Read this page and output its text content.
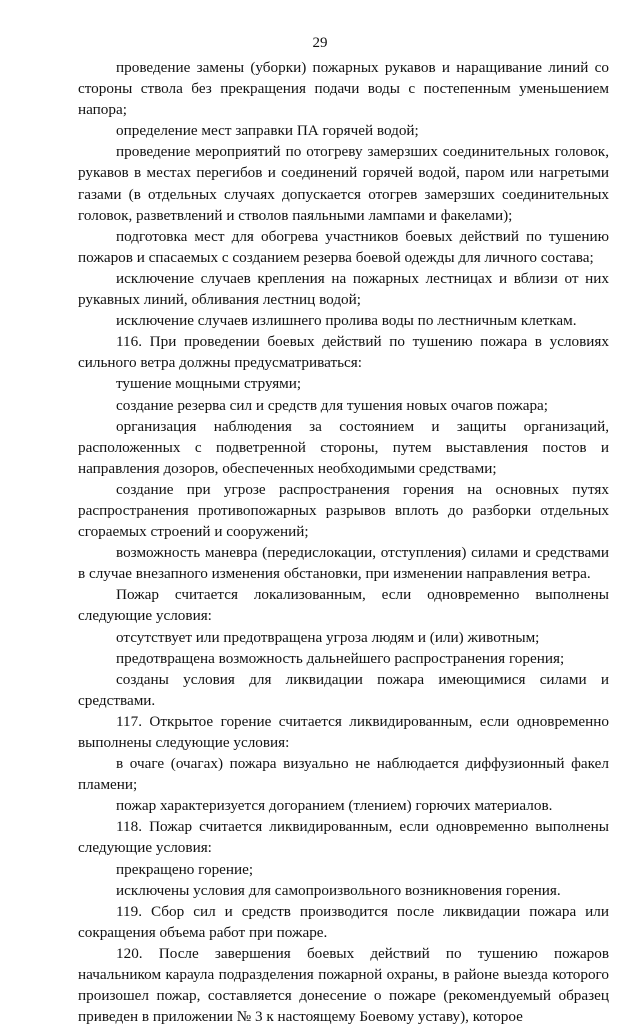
29

проведение замены (уборки) пожарных рукавов и наращивание линий со стороны ствола без прекращения подачи воды с постепенным уменьшением напора;

определение мест заправки ПА горячей водой;

проведение мероприятий по отогреву замерзших соединительных головок, рукавов в местах перегибов и соединений горячей водой, паром или нагретыми газами (в отдельных случаях допускается отогрев замерзших соединительных головок, разветвлений и стволов паяльными лампами и факелами);

подготовка мест для обогрева участников боевых действий по тушению пожаров и спасаемых с созданием резерва боевой одежды для личного состава;

исключение случаев крепления на пожарных лестницах и вблизи от них рукавных линий, обливания лестниц водой;

исключение случаев излишнего пролива воды по лестничным клеткам.

116. При проведении боевых действий по тушению пожара в условиях сильного ветра должны предусматриваться:

тушение мощными струями;

создание резерва сил и средств для тушения новых очагов пожара;

организация наблюдения за состоянием и защиты организаций, расположенных с подветренной стороны, путем выставления постов и направления дозоров, обеспеченных необходимыми средствами;

создание при угрозе распространения горения на основных путях распространения противопожарных разрывов вплоть до разборки отдельных сгораемых строений и сооружений;

возможность маневра (передислокации, отступления) силами и средствами в случае внезапного изменения обстановки, при изменении направления ветра.

Пожар считается локализованным, если одновременно выполнены следующие условия:

отсутствует или предотвращена угроза людям и (или) животным;

предотвращена возможность дальнейшего распространения горения;

созданы условия для ликвидации пожара имеющимися силами и средствами.

117. Открытое горение считается ликвидированным, если одновременно выполнены следующие условия:

в очаге (очагах) пожара визуально не наблюдается диффузионный факел пламени;

пожар характеризуется догоранием (тлением) горючих материалов.

118. Пожар считается ликвидированным, если одновременно выполнены следующие условия:

прекращено горение;

исключены условия для самопроизвольного возникновения горения.

119. Сбор сил и средств производится после ликвидации пожара или сокращения объема работ при пожаре.

120. После завершения боевых действий по тушению пожаров начальником караула подразделения пожарной охраны, в районе выезда которого произошел пожар, составляется донесение о пожаре (рекомендуемый образец приведен в приложении № 3 к настоящему Боевому уставу), которое
